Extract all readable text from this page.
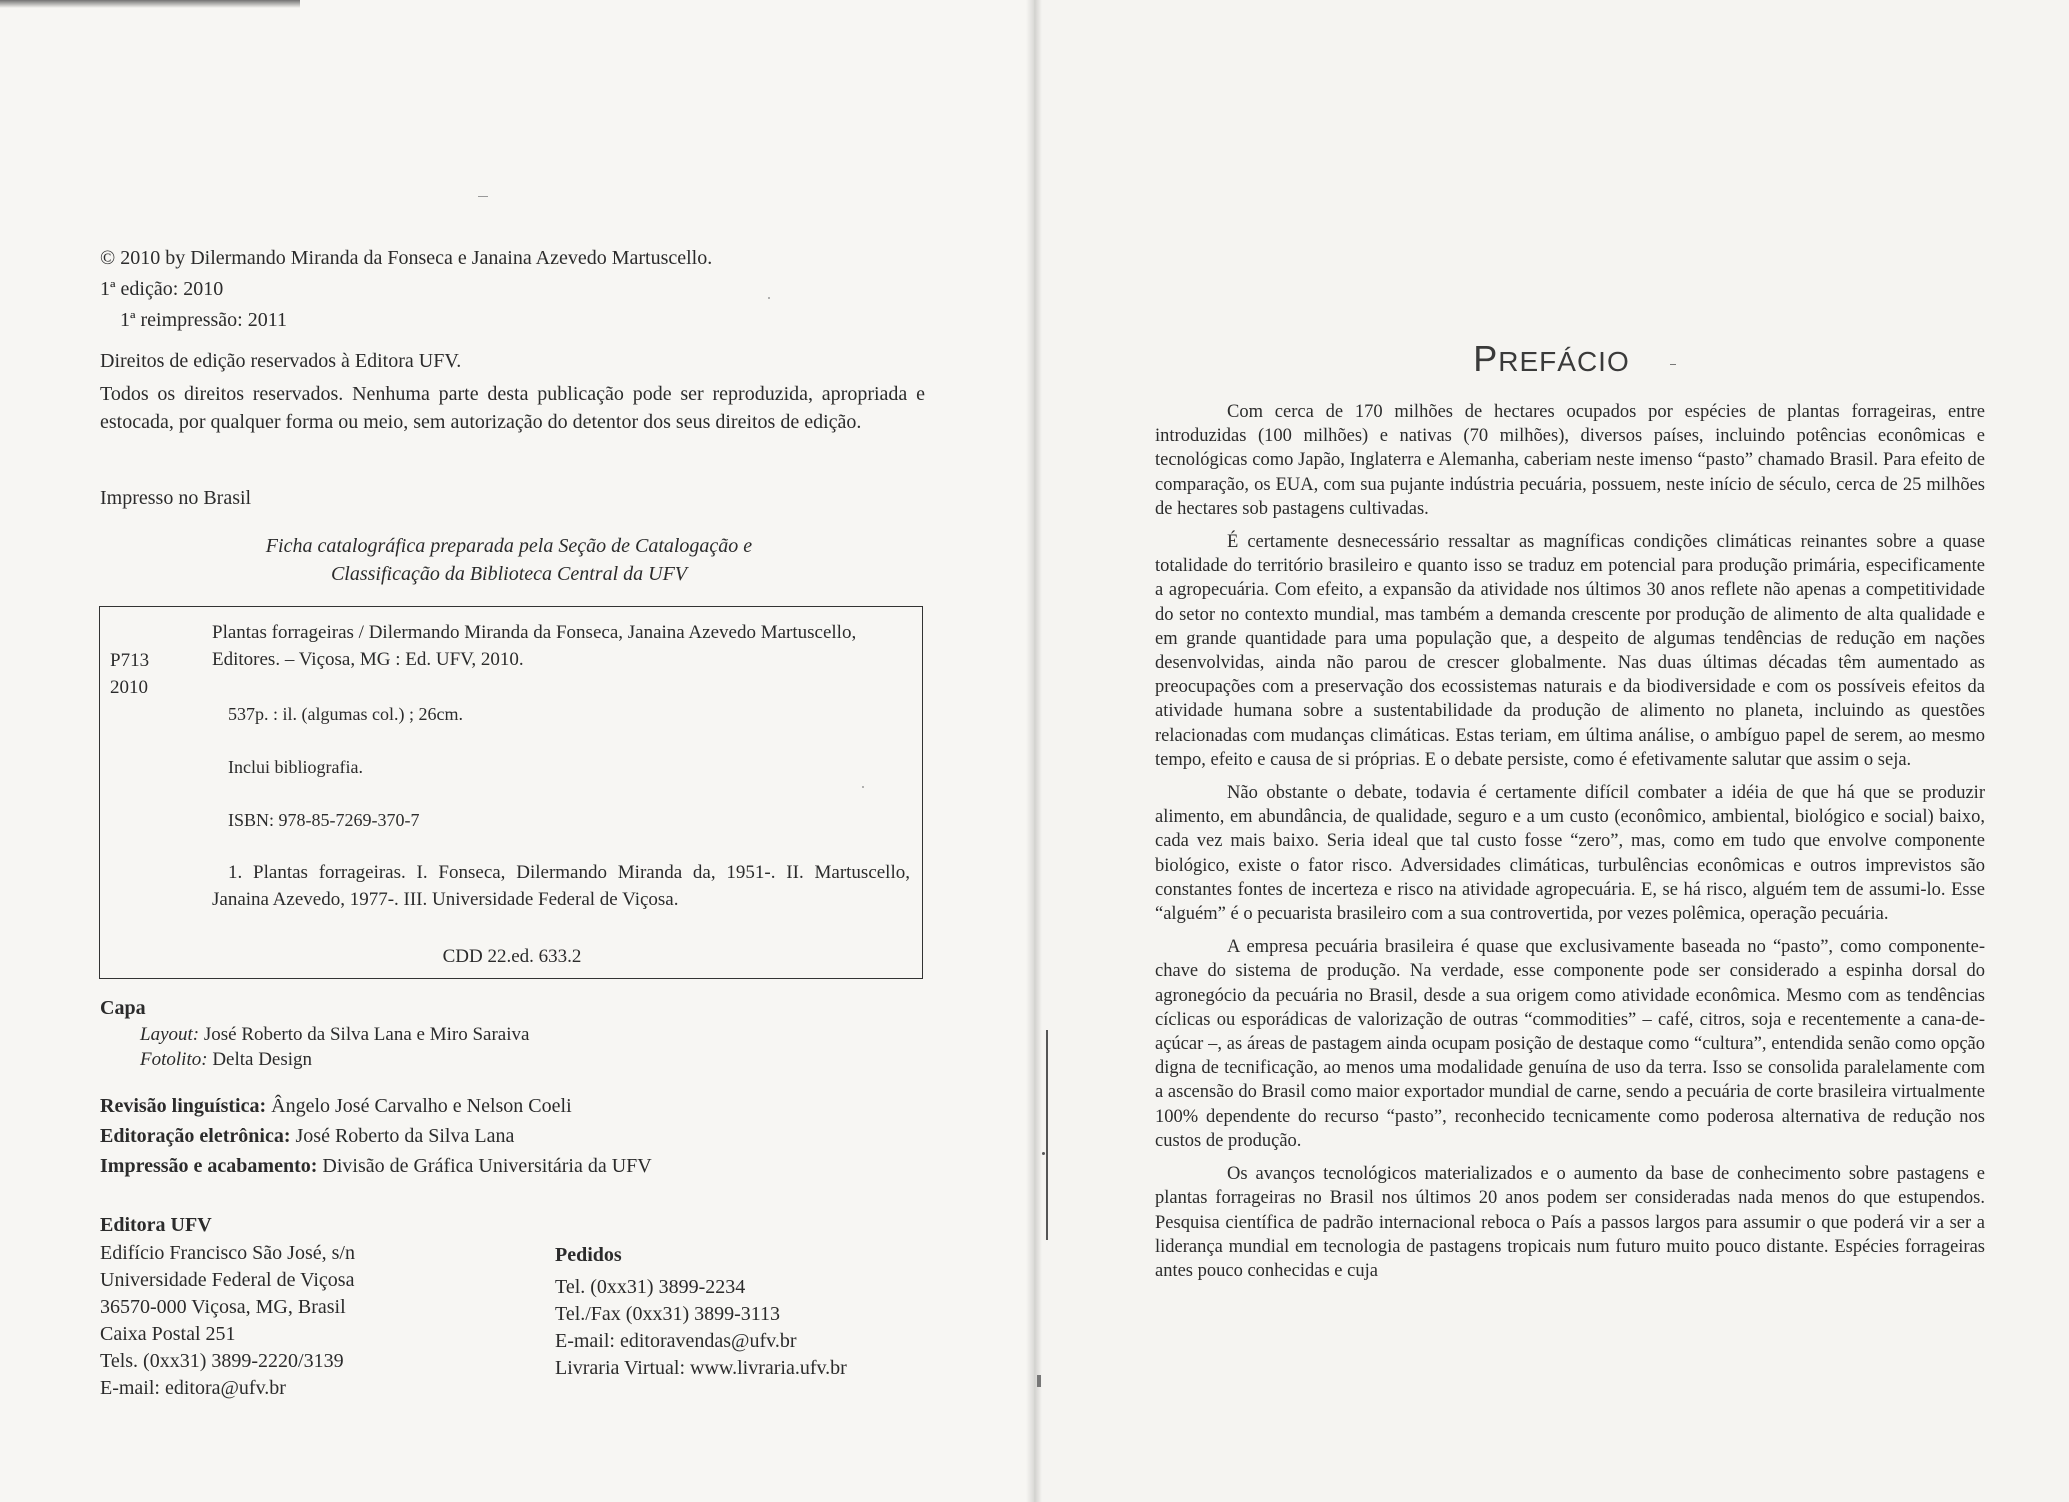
© 2010 by Dilermando Miranda da Fonseca e Janaina Azevedo Martuscello.

1ª edição: 2010

1ª reimpressão: 2011

Direitos de edição reservados à Editora UFV.

Todos os direitos reservados. Nenhuma parte desta publicação pode ser reproduzida, apropriada e estocada, por qualquer forma ou meio, sem autorização do detentor dos seus direitos de edição.

Impresso no Brasil

Ficha catalográfica preparada pela Seção de Catalogação e
Classificação da Biblioteca Central da UFV
P713
2010
Plantas forrageiras / Dilermando Miranda da Fonseca, Janaina Azevedo Martuscello, Editores. – Viçosa, MG : Ed. UFV, 2010.
537p. : il. (algumas col.) ; 26cm.
Inclui bibliografia.
ISBN: 978-85-7269-370-7
1. Plantas forrageiras. I. Fonseca, Dilermando Miranda da, 1951-. II. Martuscello, Janaina Azevedo, 1977-. III. Universidade Federal de Viçosa.
CDD 22.ed. 633.2

Capa

Layout: José Roberto da Silva Lana e Miro Saraiva

Fotolito: Delta Design

Revisão linguística: Ângelo José Carvalho e Nelson Coeli

Editoração eletrônica: José Roberto da Silva Lana

Impressão e acabamento: Divisão de Gráfica Universitária da UFV

Editora UFV

Edifício Francisco São José, s/n
Universidade Federal de Viçosa
36570-000 Viçosa, MG, Brasil
Caixa Postal 251
Tels. (0xx31) 3899-2220/3139
E-mail: editora@ufv.br

Pedidos

Tel. (0xx31) 3899-2234
Tel./Fax (0xx31) 3899-3113
E-mail: editoravendas@ufv.br
Livraria Virtual: www.livraria.ufv.br
PREFÁCIO

Com cerca de 170 milhões de hectares ocupados por espécies de plantas forrageiras, entre introduzidas (100 milhões) e nativas (70 milhões), diversos países, incluindo potências econômicas e tecnológicas como Japão, Inglaterra e Alemanha, caberiam neste imenso “pasto” chamado Brasil. Para efeito de comparação, os EUA, com sua pujante indústria pecuária, possuem, neste início de século, cerca de 25 milhões de hectares sob pastagens cultivadas.

É certamente desnecessário ressaltar as magníficas condições climáticas reinantes sobre a quase totalidade do território brasileiro e quanto isso se traduz em potencial para produção primária, especificamente a agropecuária. Com efeito, a expansão da atividade nos últimos 30 anos reflete não apenas a competitividade do setor no contexto mundial, mas também a demanda crescente por produção de alimento de alta qualidade e em grande quantidade para uma população que, a despeito de algumas tendências de redução em nações desenvolvidas, ainda não parou de crescer globalmente. Nas duas últimas décadas têm aumentado as preocupações com a preservação dos ecossistemas naturais e da biodiversidade e com os possíveis efeitos da atividade humana sobre a sustentabilidade da produção de alimento no planeta, incluindo as questões relacionadas com mudanças climáticas. Estas teriam, em última análise, o ambíguo papel de serem, ao mesmo tempo, efeito e causa de si próprias. E o debate persiste, como é efetivamente salutar que assim o seja.

Não obstante o debate, todavia é certamente difícil combater a idéia de que há que se produzir alimento, em abundância, de qualidade, seguro e a um custo (econômico, ambiental, biológico e social) baixo, cada vez mais baixo. Seria ideal que tal custo fosse “zero”, mas, como em tudo que envolve componente biológico, existe o fator risco. Adversidades climáticas, turbulências econômicas e outros imprevistos são constantes fontes de incerteza e risco na atividade agropecuária. E, se há risco, alguém tem de assumi-lo. Esse “alguém” é o pecuarista brasileiro com a sua controvertida, por vezes polêmica, operação pecuária.

A empresa pecuária brasileira é quase que exclusivamente baseada no “pasto”, como componente-chave do sistema de produção. Na verdade, esse componente pode ser considerado a espinha dorsal do agronegócio da pecuária no Brasil, desde a sua origem como atividade econômica. Mesmo com as tendências cíclicas ou esporádicas de valorização de outras “commodities” – café, citros, soja e recentemente a cana-de-açúcar –, as áreas de pastagem ainda ocupam posição de destaque como “cultura”, entendida senão como opção digna de tecnificação, ao menos uma modalidade genuína de uso da terra. Isso se consolida paralelamente com a ascensão do Brasil como maior exportador mundial de carne, sendo a pecuária de corte brasileira virtualmente 100% dependente do recurso “pasto”, reconhecido tecnicamente como poderosa alternativa de redução nos custos de produção.

Os avanços tecnológicos materializados e o aumento da base de conhecimento sobre pastagens e plantas forrageiras no Brasil nos últimos 20 anos podem ser consideradas nada menos do que estupendos. Pesquisa científica de padrão internacional reboca o País a passos largos para assumir o que poderá vir a ser a liderança mundial em tecnologia de pastagens tropicais num futuro muito pouco distante. Espécies forrageiras antes pouco conhecidas e cuja
